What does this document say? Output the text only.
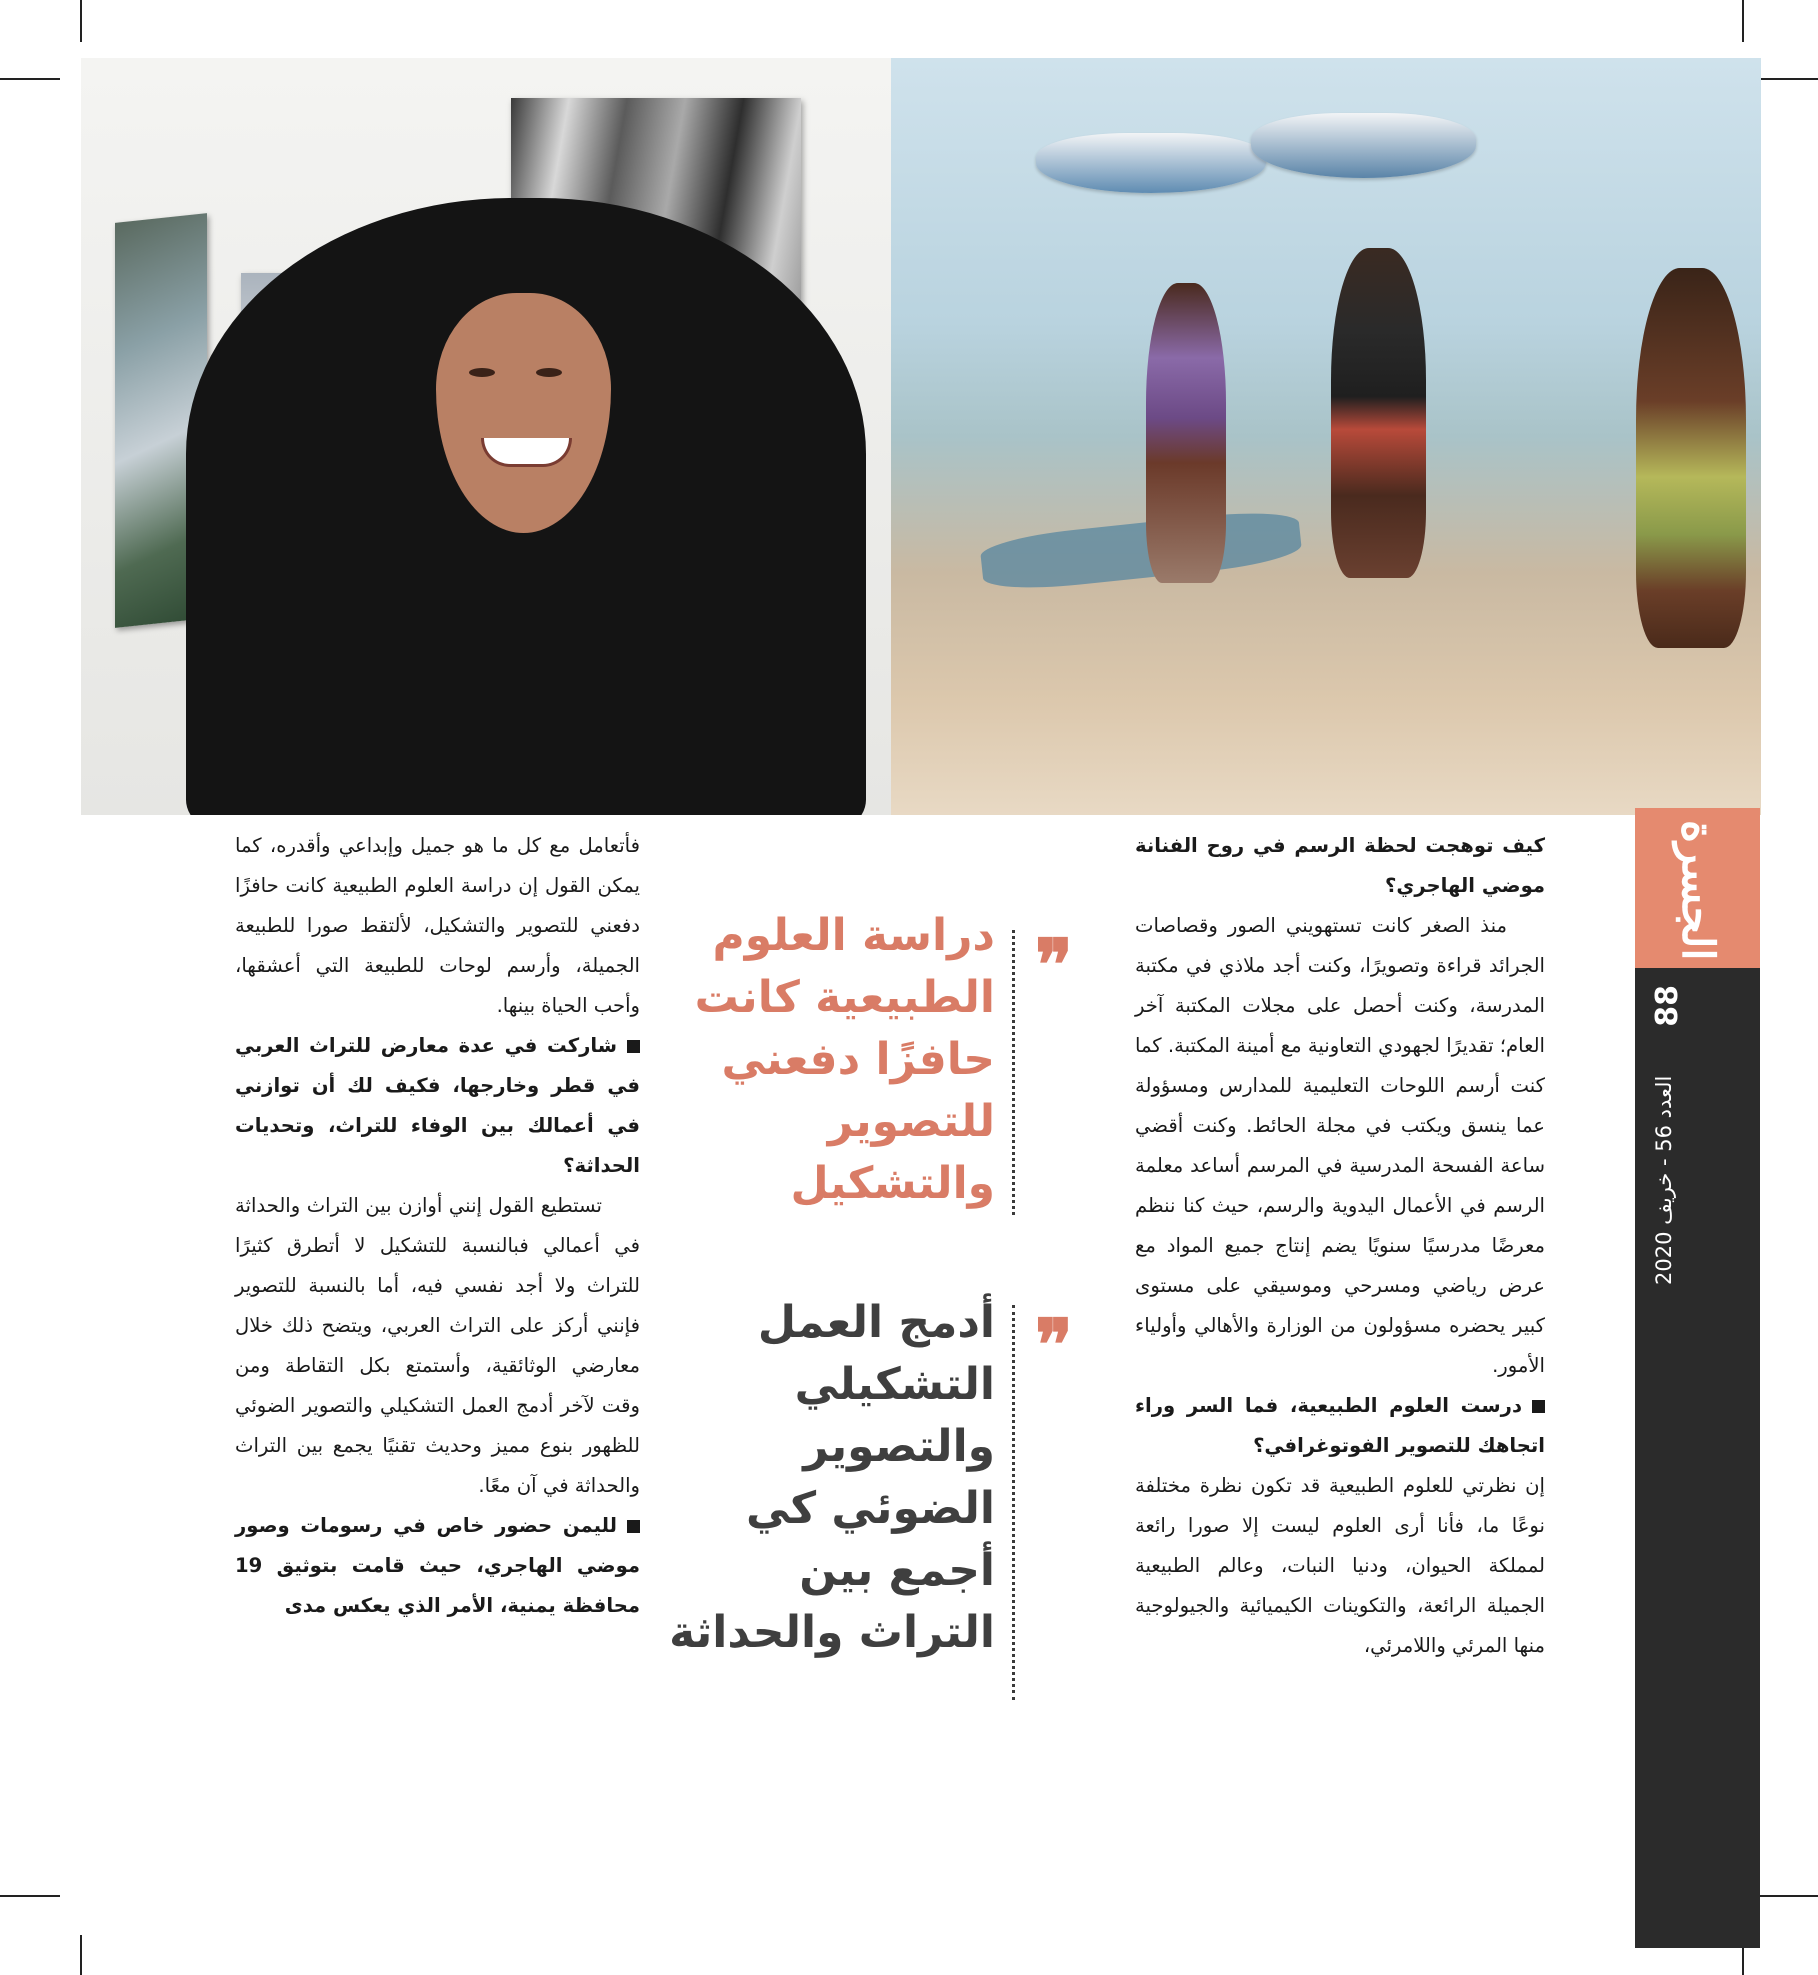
الجسرة
88
العدد 56 - خريف 2020

كيف توهجت لحظة الرسم في روح الفنانة موضي الهاجري؟

منذ الصغر كانت تستهويني الصور وقصاصات الجرائد قراءة وتصويرًا، وكنت أجد ملاذي في مكتبة المدرسة، وكنت أحصل على مجلات المكتبة آخر العام؛ تقديرًا لجهودي التعاونية مع أمينة المكتبة. كما كنت أرسم اللوحات التعليمية للمدارس ومسؤولة عما ينسق ويكتب في مجلة الحائط. وكنت أقضي ساعة الفسحة المدرسية في المرسم أساعد معلمة الرسم في الأعمال اليدوية والرسم، حيث كنا ننظم معرضًا مدرسيًا سنويًا يضم إنتاج جميع المواد مع عرض رياضي ومسرحي وموسيقي على مستوى كبير يحضره مسؤولون من الوزارة والأهالي وأولياء الأمور.

درست العلوم الطبيعية، فما السر وراء اتجاهك للتصوير الفوتوغرافي؟

إن نظرتي للعلوم الطبيعية قد تكون نظرة مختلفة نوعًا ما، فأنا أرى العلوم ليست إلا صورا رائعة لمملكة الحيوان، ودنيا النبات، وعالم الطبيعية الجميلة الرائعة، والتكوينات الكيميائية والجيولوجية منها المرئي واللامرئي،

❞
دراسة العلوم الطبيعية كانت حافزًا دفعني للتصوير والتشكيل
❞
أدمج العمل التشكيلي والتصوير الضوئي كي أجمع بين التراث والحداثة

فأتعامل مع كل ما هو جميل وإبداعي وأقدره، كما يمكن القول إن دراسة العلوم الطبيعية كانت حافزًا دفعني للتصوير والتشكيل، لألتقط صورا للطبيعة الجميلة، وأرسم لوحات للطبيعة التي أعشقها، وأحب الحياة بينها.

شاركت في عدة معارض للتراث العربي في قطر وخارجها، فكيف لك أن توازني في أعمالك بين الوفاء للتراث، وتحديات الحداثة؟

تستطيع القول إنني أوازن بين التراث والحداثة في أعمالي فبالنسبة للتشكيل لا أتطرق كثيرًا للتراث ولا أجد نفسي فيه، أما بالنسبة للتصوير فإنني أركز على التراث العربي، ويتضح ذلك خلال معارضي الوثائقية، وأستمتع بكل التقاطة ومن وقت لآخر أدمج العمل التشكيلي والتصوير الضوئي للظهور بنوع مميز وحديث تقنيًا يجمع بين التراث والحداثة في آن معًا.

لليمن حضور خاص في رسومات وصور موضي الهاجري، حيث قامت بتوثيق 19 محافظة يمنية، الأمر الذي يعكس مدى
